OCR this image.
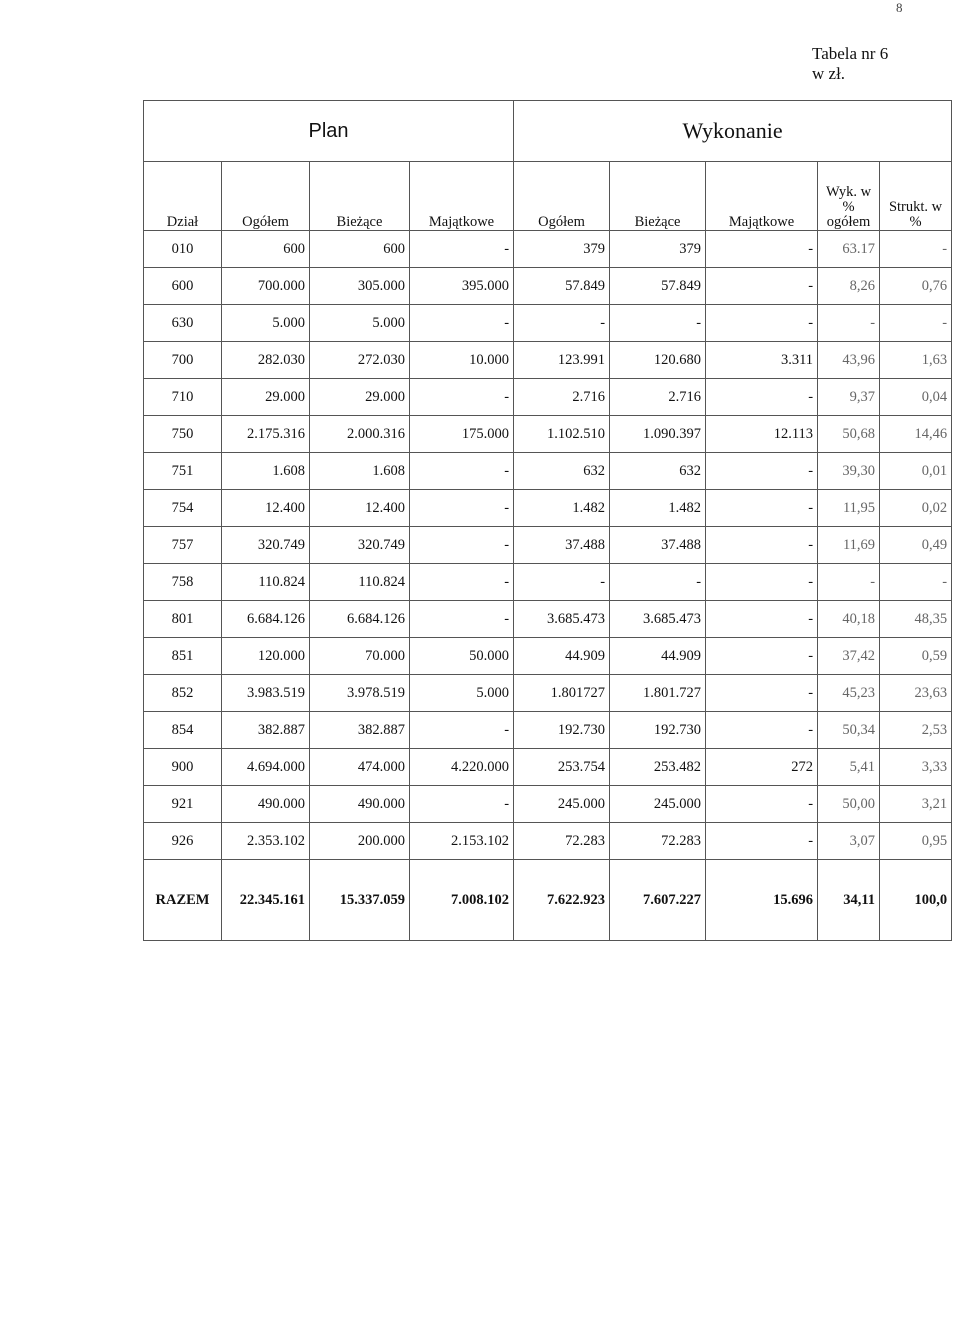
8
Tabela nr 6
w zł.
Plan				Wykonanie				
Dział	Ogółem	Bieżące	Majątkowe	Ogółem	Bieżące	Majątkowe	Wyk. w % ogółem	Strukt. w %
010	600	600	-	379	379	-	63.17	-
600	700.000	305.000	395.000	57.849	57.849	-	8,26	0,76
630	5.000	5.000	-	-	-	-	-	-
700	282.030	272.030	10.000	123.991	120.680	3.311	43,96	1,63
710	29.000	29.000	-	2.716	2.716	-	9,37	0,04
750	2.175.316	2.000.316	175.000	1.102.510	1.090.397	12.113	50,68	14,46
751	1.608	1.608	-	632	632	-	39,30	0,01
754	12.400	12.400	-	1.482	1.482	-	11,95	0,02
757	320.749	320.749	-	37.488	37.488	-	11,69	0,49
758	110.824	110.824	-	-	-	-	-	-
801	6.684.126	6.684.126	-	3.685.473	3.685.473	-	40,18	48,35
851	120.000	70.000	50.000	44.909	44.909	-	37,42	0,59
852	3.983.519	3.978.519	5.000	1.801727	1.801.727	-	45,23	23,63
854	382.887	382.887	-	192.730	192.730	-	50,34	2,53
900	4.694.000	474.000	4.220.000	253.754	253.482	272	5,41	3,33
921	490.000	490.000	-	245.000	245.000	-	50,00	3,21
926	2.353.102	200.000	2.153.102	72.283	72.283	-	3,07	0,95
RAZEM	22.345.161	15.337.059	7.008.102	7.622.923	7.607.227	15.696	34,11	100,0
